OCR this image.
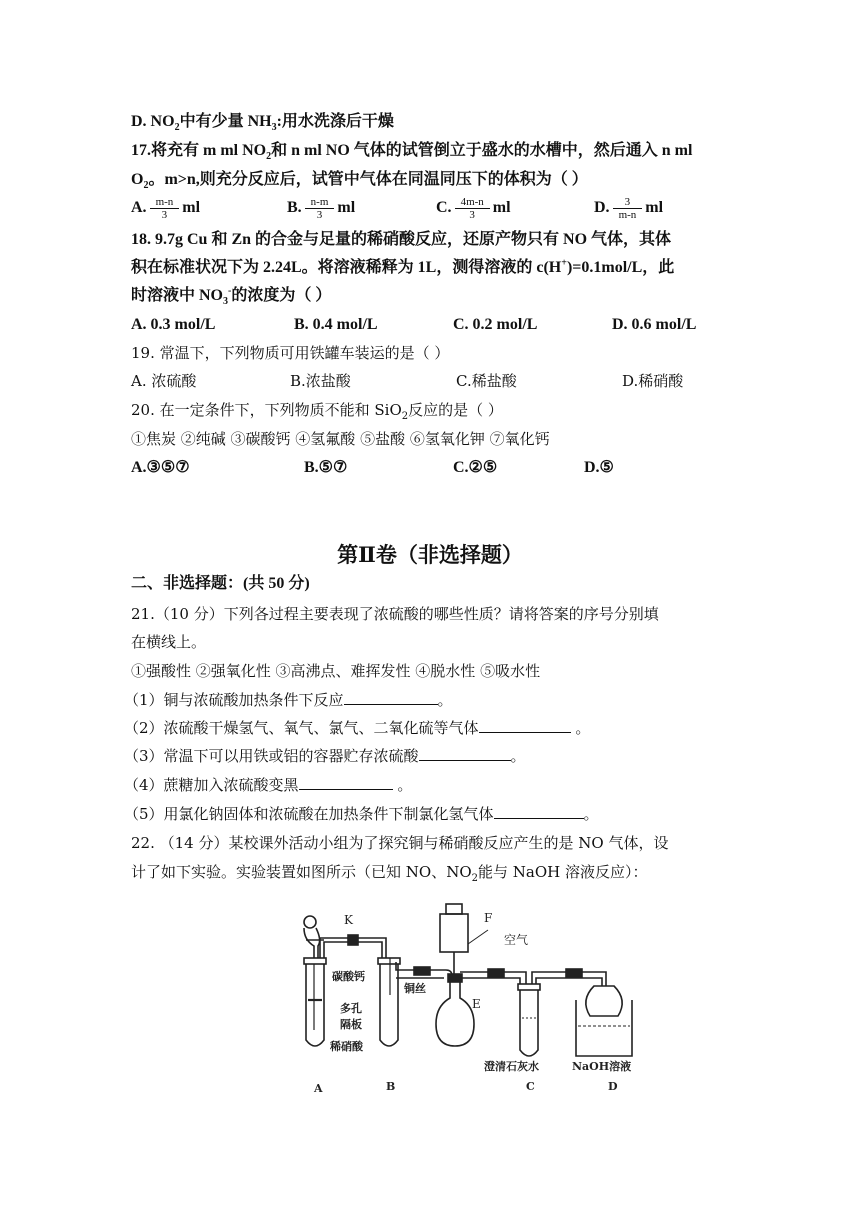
D. $NO_2$中有少量 $NH_3$:用水洗涤后干燥
17.将充有 m ml $NO_2$和 n ml NO 气体的试管倒立于盛水的水槽中，然后通入 n ml
$O_2$。m>n,则充分反应后，试管中气体在同温同压下的体积为（ ）
A. $\frac{m-n}{3}$ ml	B. $\frac{n-m}{3}$ ml	C. $\frac{4m-n}{3}$ ml	D. $\frac{3}{m-n}$ ml
18. 9.7g Cu 和 Zn 的合金与足量的稀硝酸反应，还原产物只有 NO 气体，其体
积在标准状况下为 2.24L。将溶液稀释为 1L，测得溶液的 c(H+)=0.1mol/L，此
时溶液中 $NO_3^-$的浓度为（ ）
A. 0.3 mol/L	B. 0.4 mol/L	C. 0.2 mol/L	D. 0.6 mol/L
19. 常温下，下列物质可用铁罐车装运的是（ ）
A. 浓硫酸	B.浓盐酸	C.稀盐酸	D.稀硝酸
20. 在一定条件下，下列物质不能和 SiO$_2$反应的是（ ）
①焦炭 ②纯碱 ③碳酸钙 ④氢氟酸 ⑤盐酸 ⑥氢氧化钾 ⑦氧化钙
A.③⑤⑦	B.⑤⑦	C.②⑤	D.⑤
第Ⅱ卷（非选择题）
二、非选择题：(共 50 分)
21.（10 分）下列各过程主要表现了浓硫酸的哪些性质？请将答案的序号分别填
在横线上。
①强酸性 ②强氧化性 ③高沸点、难挥发性 ④脱水性 ⑤吸水性
（1）铜与浓硫酸加热条件下反应	。
（2）浓硫酸干燥氢气、氧气、氯气、二氧化硫等气体	。
（3）常温下可以用铁或铝的容器贮存浓硫酸	。
（4）蔗糖加入浓硫酸变黑	。
（5）用氯化钠固体和浓硫酸在加热条件下制氯化氢气体	。
22. （14 分）某校课外活动小组为了探究铜与稀硝酸反应产生的是 NO 气体，设
计了如下实验。实验装置如图所示（已知 NO、$NO_2$能与 NaOH 溶液反应）：
K	F
空气
碳酸钙
多孔
隔板
稀硝酸
铜丝
E
澄清石灰水	NaOH溶液
A	B	C	D
